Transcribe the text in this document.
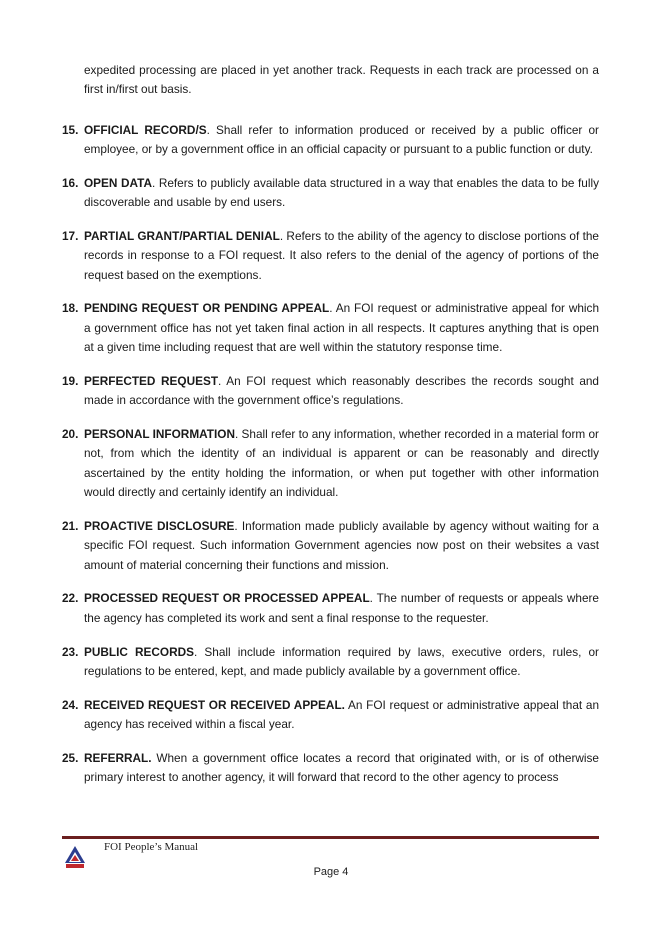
expedited processing are placed in yet another track. Requests in each track are processed on a first in/first out basis.

15. OFFICIAL RECORD/S. Shall refer to information produced or received by a public officer or employee, or by a government office in an official capacity or pursuant to a public function or duty.
16. OPEN DATA. Refers to publicly available data structured in a way that enables the data to be fully discoverable and usable by end users.
17. PARTIAL GRANT/PARTIAL DENIAL. Refers to the ability of the agency to disclose portions of the records in response to a FOI request. It also refers to the denial of the agency of portions of the request based on the exemptions.
18. PENDING REQUEST OR PENDING APPEAL. An FOI request or administrative appeal for which a government office has not yet taken final action in all respects. It captures anything that is open at a given time including request that are well within the statutory response time.
19. PERFECTED REQUEST. An FOI request which reasonably describes the records sought and made in accordance with the government office’s regulations.
20. PERSONAL INFORMATION. Shall refer to any information, whether recorded in a material form or not, from which the identity of an individual is apparent or can be reasonably and directly ascertained by the entity holding the information, or when put together with other information would directly and certainly identify an individual.
21. PROACTIVE DISCLOSURE. Information made publicly available by agency without waiting for a specific FOI request. Such information Government agencies now post on their websites a vast amount of material concerning their functions and mission.
22. PROCESSED REQUEST OR PROCESSED APPEAL. The number of requests or appeals where the agency has completed its work and sent a final response to the requester.
23. PUBLIC RECORDS. Shall include information required by laws, executive orders, rules, or regulations to be entered, kept, and made publicly available by a government office.
24. RECEIVED REQUEST OR RECEIVED APPEAL. An FOI request or administrative appeal that an agency has received within a fiscal year.
25. REFERRAL. When a government office locates a record that originated with, or is of otherwise primary interest to another agency, it will forward that record to the other agency to process
FOI People’s Manual
Page 4
